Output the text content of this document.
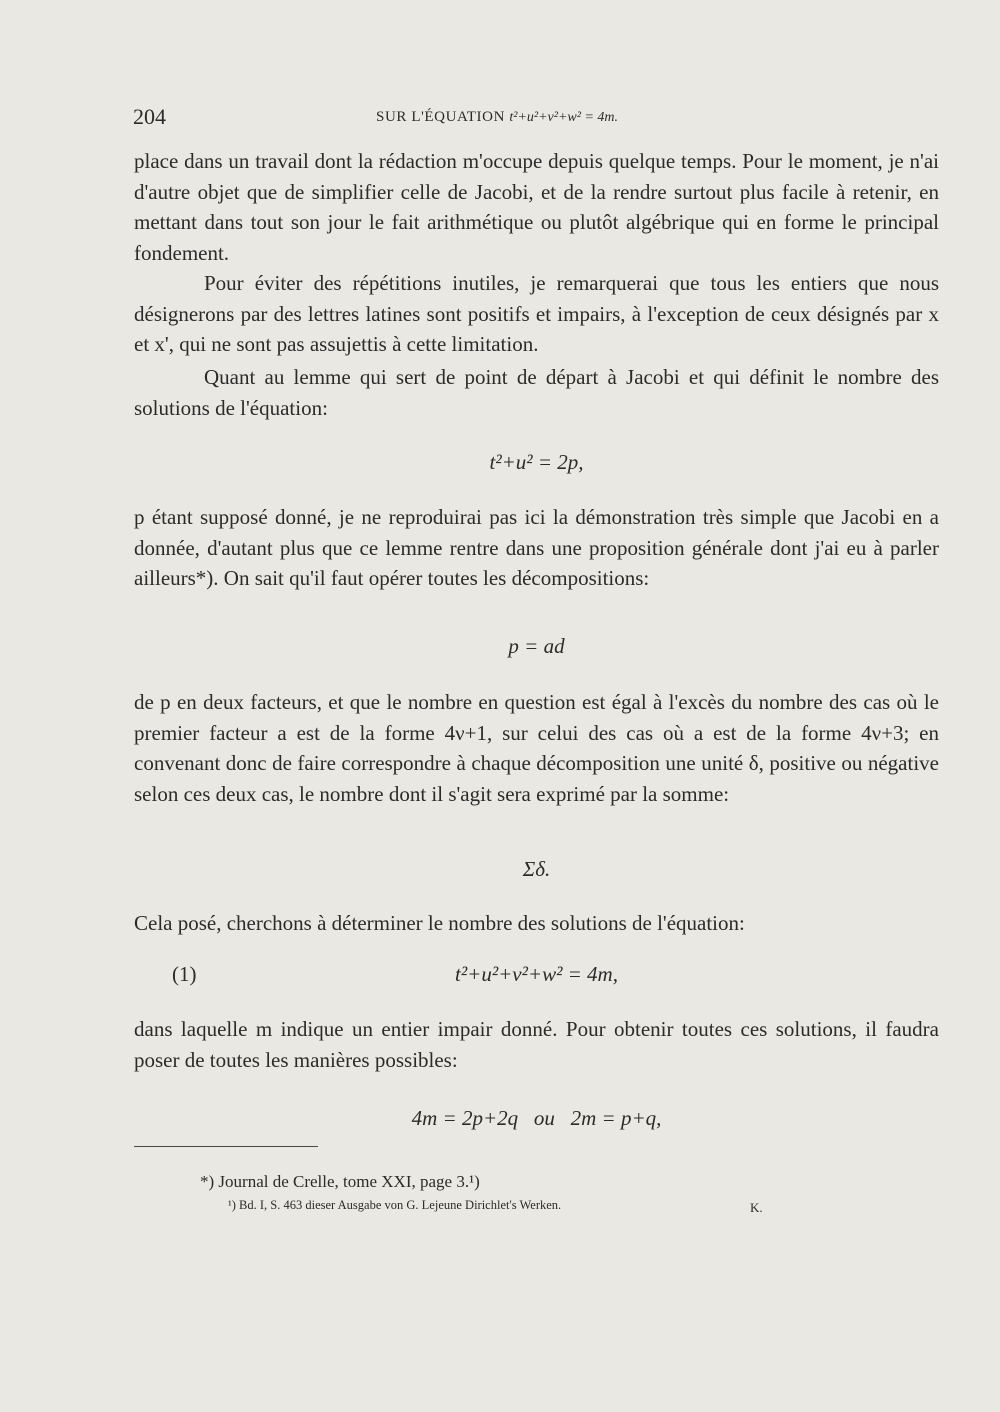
204	SUR L'ÉQUATION t²+u²+v²+w² = 4m.
place dans un travail dont la rédaction m'occupe depuis quelque temps. Pour le moment, je n'ai d'autre objet que de simplifier celle de Jacobi, et de la rendre surtout plus facile à retenir, en mettant dans tout son jour le fait arithmétique ou plutôt algébrique qui en forme le principal fondement.
Pour éviter des répétitions inutiles, je remarquerai que tous les entiers que nous désignerons par des lettres latines sont positifs et impairs, à l'exception de ceux désignés par x et x', qui ne sont pas assujettis à cette limitation.
Quant au lemme qui sert de point de départ à Jacobi et qui définit le nombre des solutions de l'équation:
t²+u² = 2p,
p étant supposé donné, je ne reproduirai pas ici la démonstration très simple que Jacobi en a donnée, d'autant plus que ce lemme rentre dans une proposition générale dont j'ai eu à parler ailleurs*). On sait qu'il faut opérer toutes les décompositions:
p = ad
de p en deux facteurs, et que le nombre en question est égal à l'excès du nombre des cas où le premier facteur a est de la forme 4ν+1, sur celui des cas où a est de la forme 4ν+3; en convenant donc de faire correspondre à chaque décomposition une unité δ, positive ou négative selon ces deux cas, le nombre dont il s'agit sera exprimé par la somme:
Σδ.
Cela posé, cherchons à déterminer le nombre des solutions de l'équation:
(1)	t²+u²+v²+w² = 4m,
dans laquelle m indique un entier impair donné. Pour obtenir toutes ces solutions, il faudra poser de toutes les manières possibles:
4m = 2p+2q   ou   2m = p+q,
*) Journal de Crelle, tome XXI, page 3.¹)
¹) Bd. I, S. 463 dieser Ausgabe von G. Lejeune Dirichlet's Werken.	K.
